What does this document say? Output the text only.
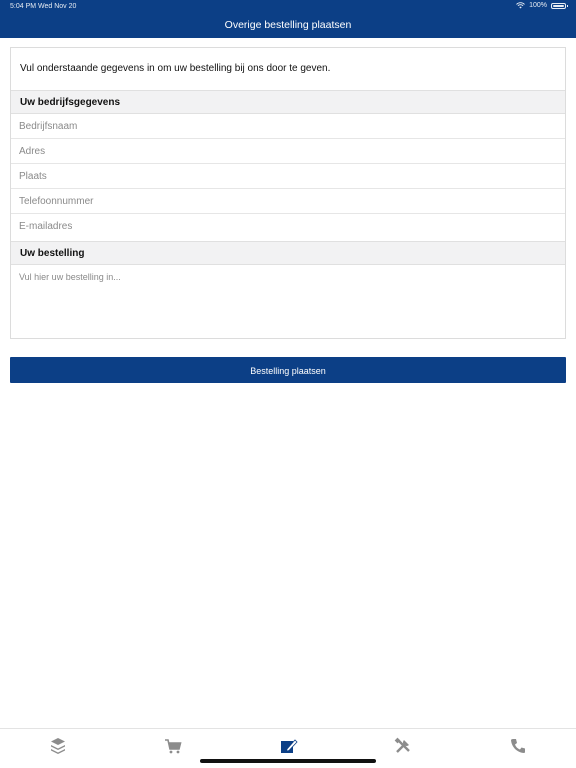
5:04 PM Wed Nov 20	100%
Overige bestelling plaatsen
Vul onderstaande gegevens in om uw bestelling bij ons door te geven.
Uw bedrijfsgegevens
Bedrijfsnaam
Adres
Plaats
Telefoonnummer
E-mailadres
Uw bestelling
Vul hier uw bestelling in...
Bestelling plaatsen
